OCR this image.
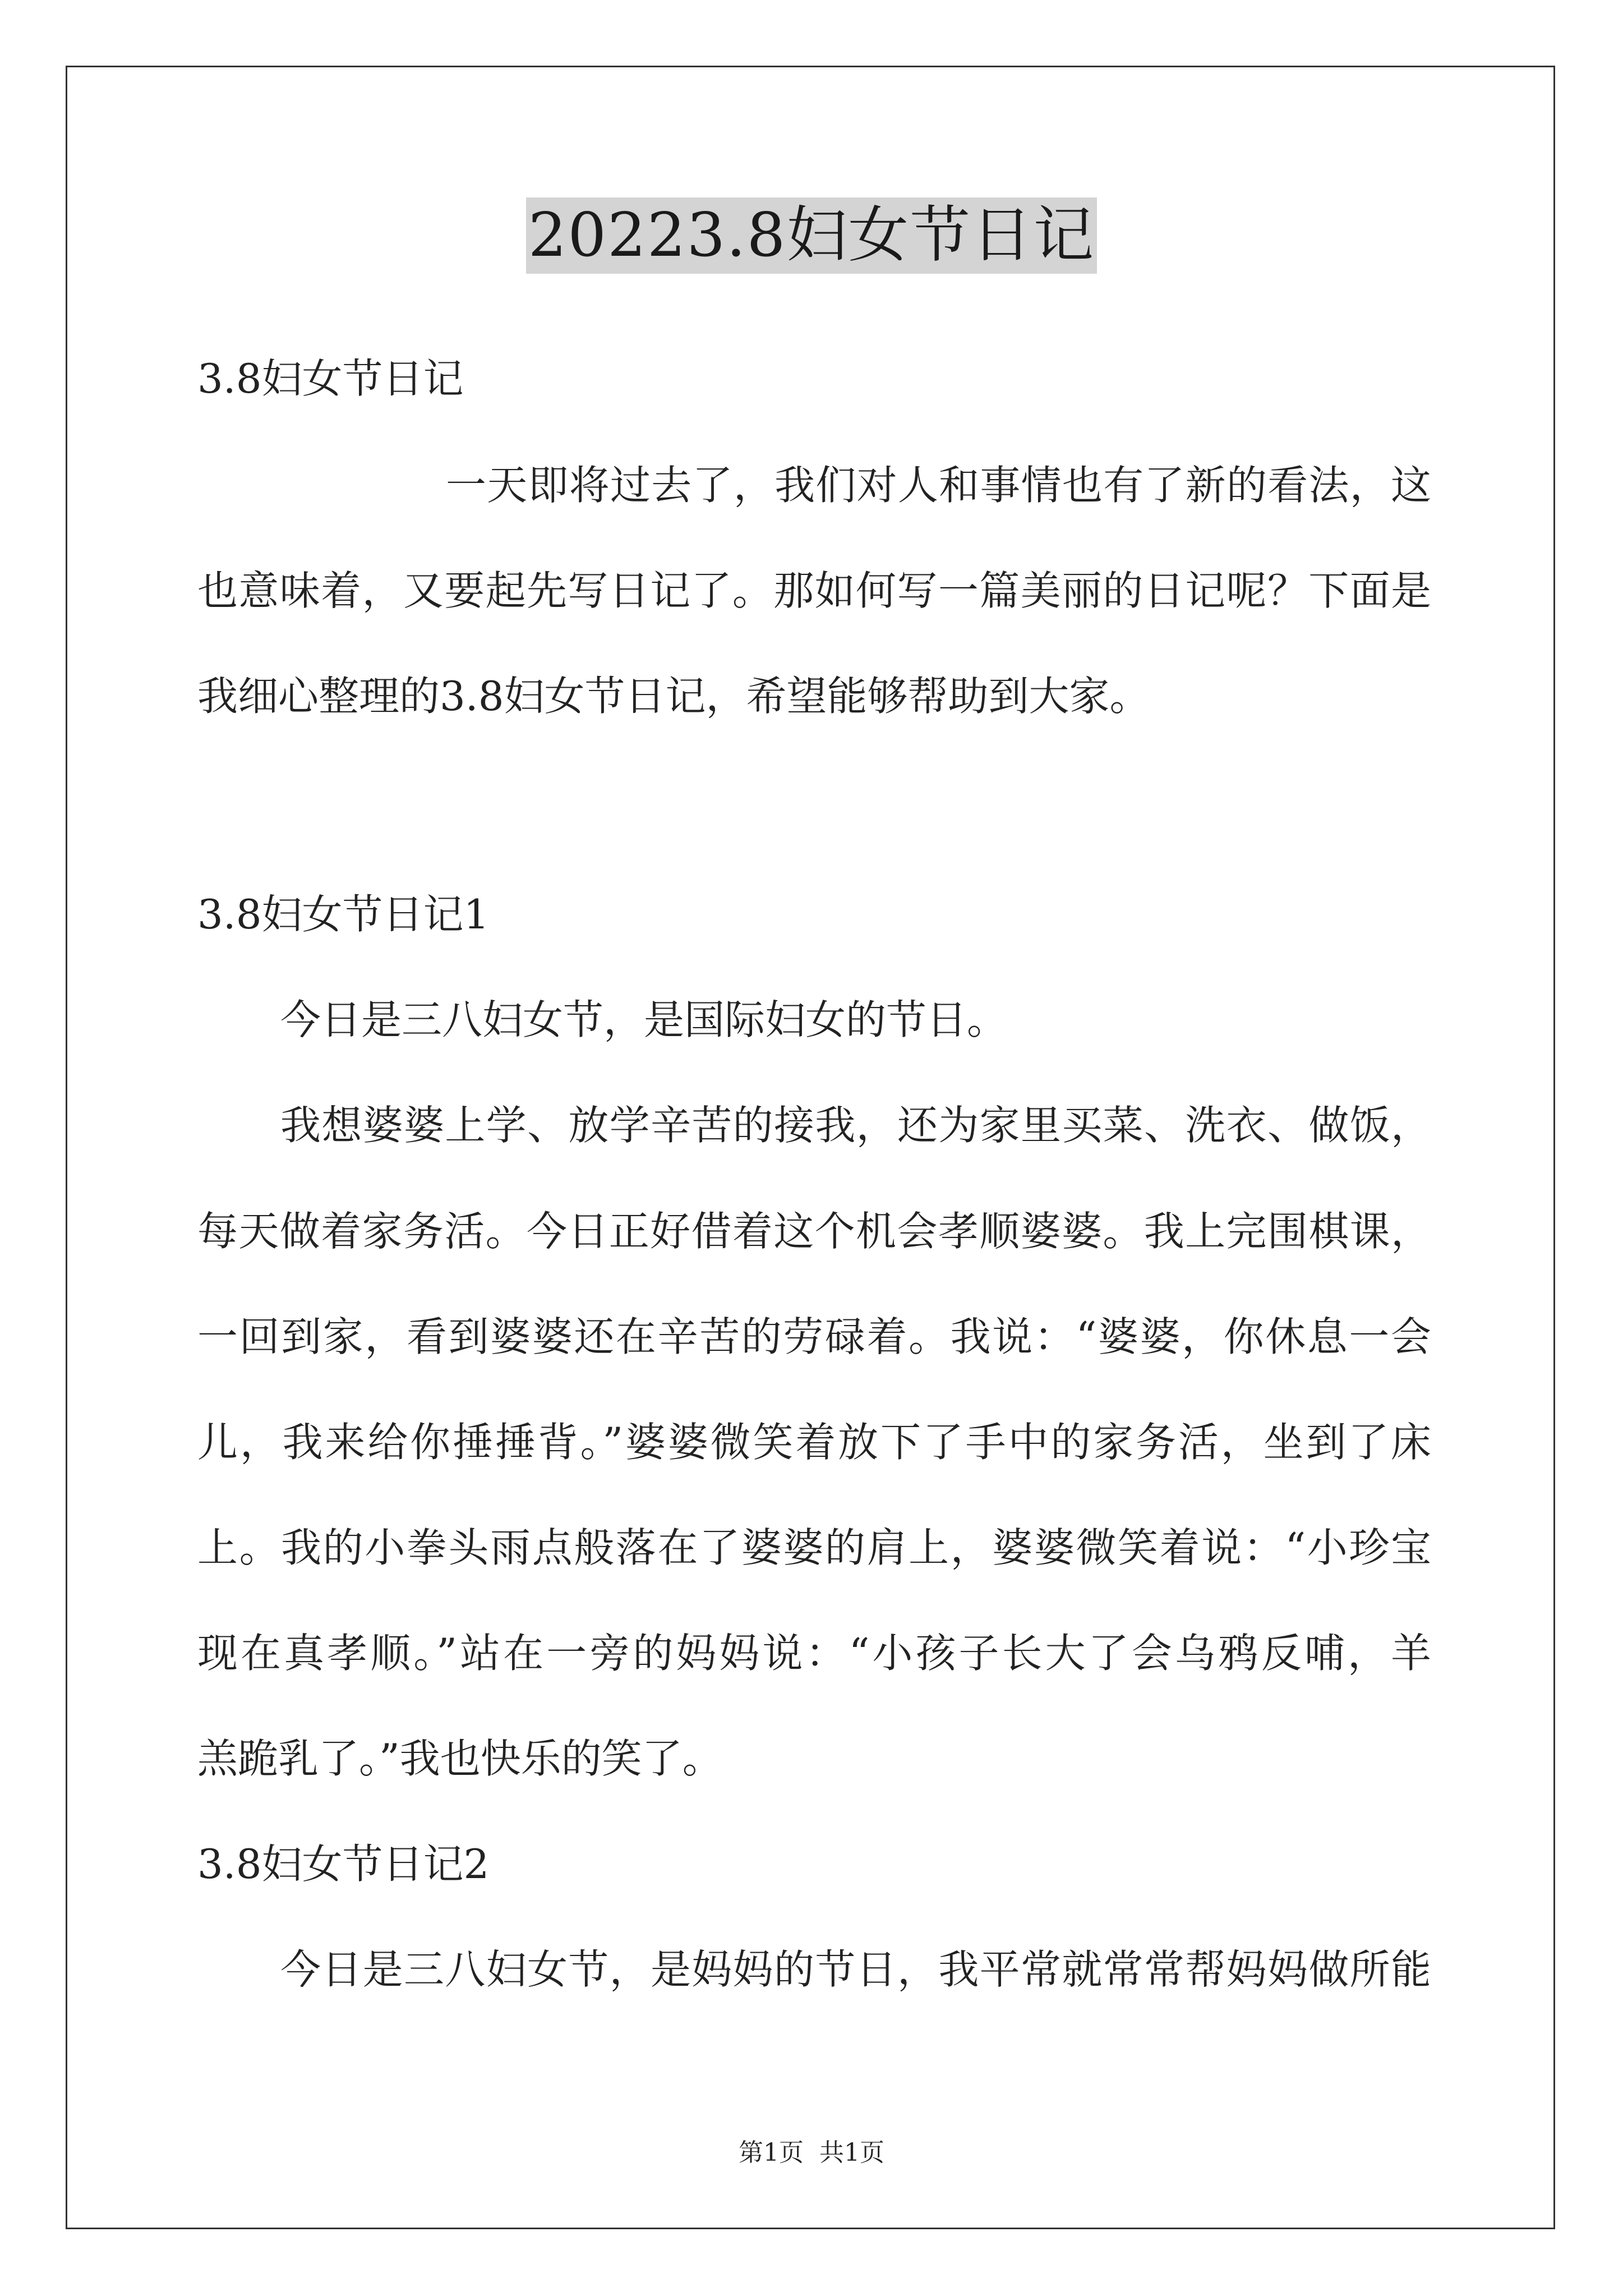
20223.8妇女节日记
3.8妇女节日记
一天即将过去了，我们对人和事情也有了新的看法，这
也意味着，又要起先写日记了。那如何写一篇美丽的日记呢？下面是
我细心整理的3.8妇女节日记，希望能够帮助到大家。
3.8妇女节日记1
今日是三八妇女节，是国际妇女的节日。
我想婆婆上学、放学辛苦的接我，还为家里买菜、洗衣、做饭，
每天做着家务活。今日正好借着这个机会孝顺婆婆。我上完围棋课，
一回到家，看到婆婆还在辛苦的劳碌着。我说：“婆婆，你休息一会
儿，我来给你捶捶背。”婆婆微笑着放下了手中的家务活，坐到了床
上。我的小拳头雨点般落在了婆婆的肩上，婆婆微笑着说：“小珍宝
现在真孝顺。”站在一旁的妈妈说：“小孩子长大了会乌鸦反哺，羊
羔跪乳了。”我也快乐的笑了。
3.8妇女节日记2
今日是三八妇女节，是妈妈的节日，我平常就常常帮妈妈做所能
第1页 共1页
